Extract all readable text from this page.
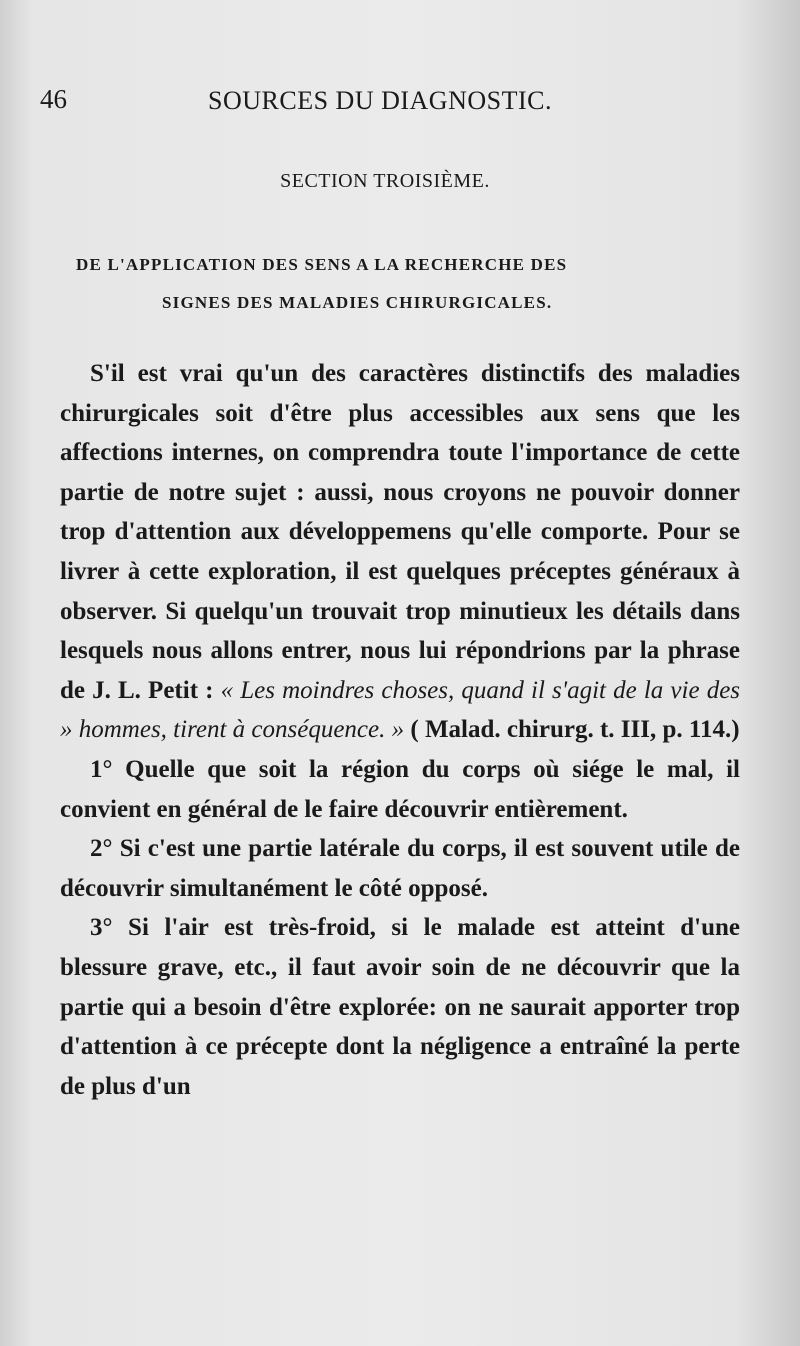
46	SOURCES DU DIAGNOSTIC.
SECTION TROISIÈME.
DE L'APPLICATION DES SENS A LA RECHERCHE DES
SIGNES DES MALADIES CHIRURGICALES.

S'il est vrai qu'un des caractères distinctifs des maladies chirurgicales soit d'être plus accessibles aux sens que les affections internes, on comprendra toute l'importance de cette partie de notre sujet : aussi, nous croyons ne pouvoir donner trop d'attention aux développemens qu'elle comporte. Pour se livrer à cette exploration, il est quelques préceptes généraux à observer. Si quelqu'un trouvait trop minutieux les détails dans lesquels nous allons entrer, nous lui répondrions par la phrase de J. L. Petit : « Les moindres choses, quand il s'agit de la vie des » hommes, tirent à conséquence. » ( Malad. chirurg. t. III, p. 114.)

1° Quelle que soit la région du corps où siége le mal, il convient en général de le faire découvrir entièrement.

2° Si c'est une partie latérale du corps, il est souvent utile de découvrir simultanément le côté opposé.

3° Si l'air est très-froid, si le malade est atteint d'une blessure grave, etc., il faut avoir soin de ne découvrir que la partie qui a besoin d'être explorée: on ne saurait apporter trop d'attention à ce précepte dont la négligence a entraîné la perte de plus d'un
